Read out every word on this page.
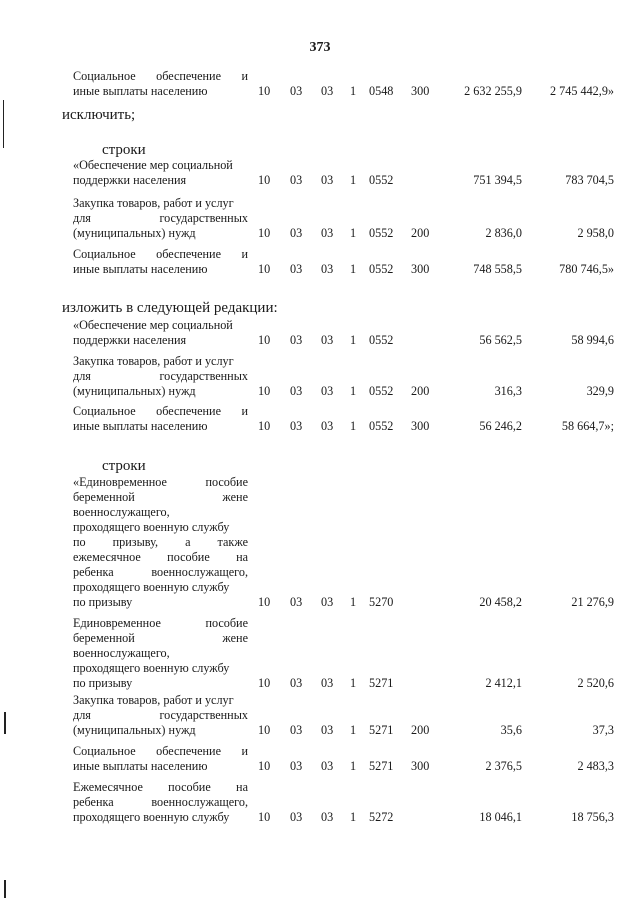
373
Социальное обеспечение и
иные выплаты населению	10 03 03 1 0548 300	2 632 255,9 2 745 442,9»
исключить;
строки
«Обеспечение мер социальной
поддержки населения	10 03 03 1 0552	751 394,5	783 704,5
Закупка товаров, работ и услуг
для государственных
(муниципальных) нужд	10 03 03 1 0552 200	2 836,0	2 958,0
Социальное обеспечение и
иные выплаты населению	10 03 03 1 0552 300	748 558,5	780 746,5»
изложить в следующей редакции:
«Обеспечение мер социальной
поддержки населения	10 03 03 1 0552	56 562,5	58 994,6
Закупка товаров, работ и услуг
для государственных
(муниципальных) нужд	10 03 03 1 0552 200	316,3	329,9
Социальное обеспечение и
иные выплаты населению	10 03 03 1 0552 300	56 246,2	58 664,7»;
строки
«Единовременное пособие
беременной жене
военнослужащего,
проходящего военную службу
по призыву, а также
ежемесячное пособие на
ребенка военнослужащего,
проходящего военную службу
по призыву	10 03 03 1 5270	20 458,2	21 276,9
Единовременное пособие
беременной жене
военнослужащего,
проходящего военную службу
по призыву	10 03 03 1 5271	2 412,1	2 520,6
Закупка товаров, работ и услуг
для государственных
(муниципальных) нужд	10 03 03 1 5271 200	35,6	37,3
Социальное обеспечение и
иные выплаты населению	10 03 03 1 5271 300	2 376,5	2 483,3
Ежемесячное пособие на
ребенка военнослужащего,
проходящего военную службу	10 03 03 1 5272	18 046,1	18 756,3
